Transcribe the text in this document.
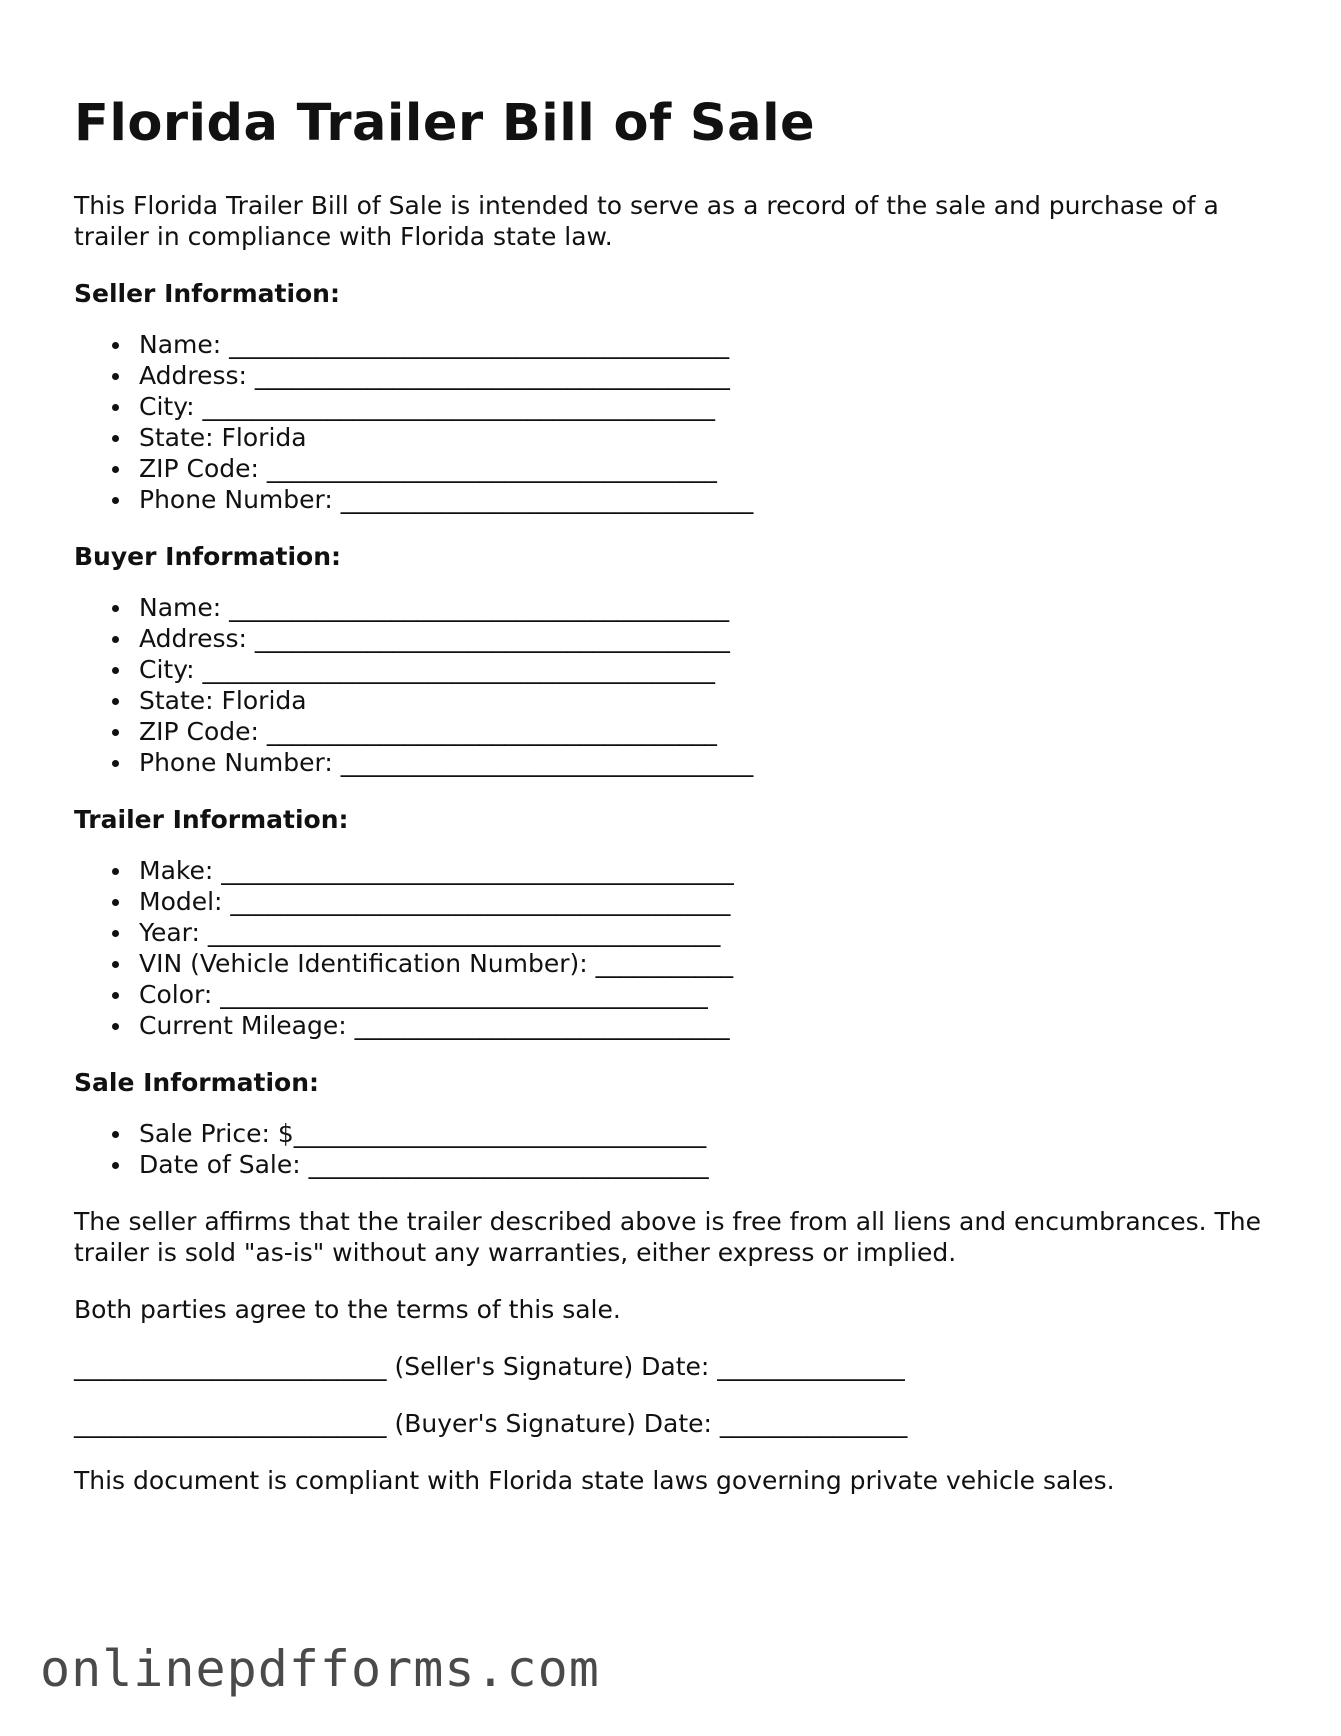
Florida Trailer Bill of Sale

This Florida Trailer Bill of Sale is intended to serve as a record of the sale and purchase of a trailer in compliance with Florida state law.

Seller Information:
Name: ________________________________________
Address: ______________________________________
City: _________________________________________
State: Florida
ZIP Code: ____________________________________
Phone Number: _________________________________
Buyer Information:
Name: ________________________________________
Address: ______________________________________
City: _________________________________________
State: Florida
ZIP Code: ____________________________________
Phone Number: _________________________________
Trailer Information:
Make: _________________________________________
Model: ________________________________________
Year: _________________________________________
VIN (Vehicle Identification Number): ___________
Color: _______________________________________
Current Mileage: ______________________________
Sale Information:
Sale Price: $_________________________________
Date of Sale: ________________________________

The seller affirms that the trailer described above is free from all liens and encumbrances. The trailer is sold "as-is" without any warranties, either express or implied.

Both parties agree to the terms of this sale.

_________________________ (Seller's Signature) Date: _______________
_________________________ (Buyer's Signature) Date: _______________

This document is compliant with Florida state laws governing private vehicle sales.

onlinepdfforms.com
